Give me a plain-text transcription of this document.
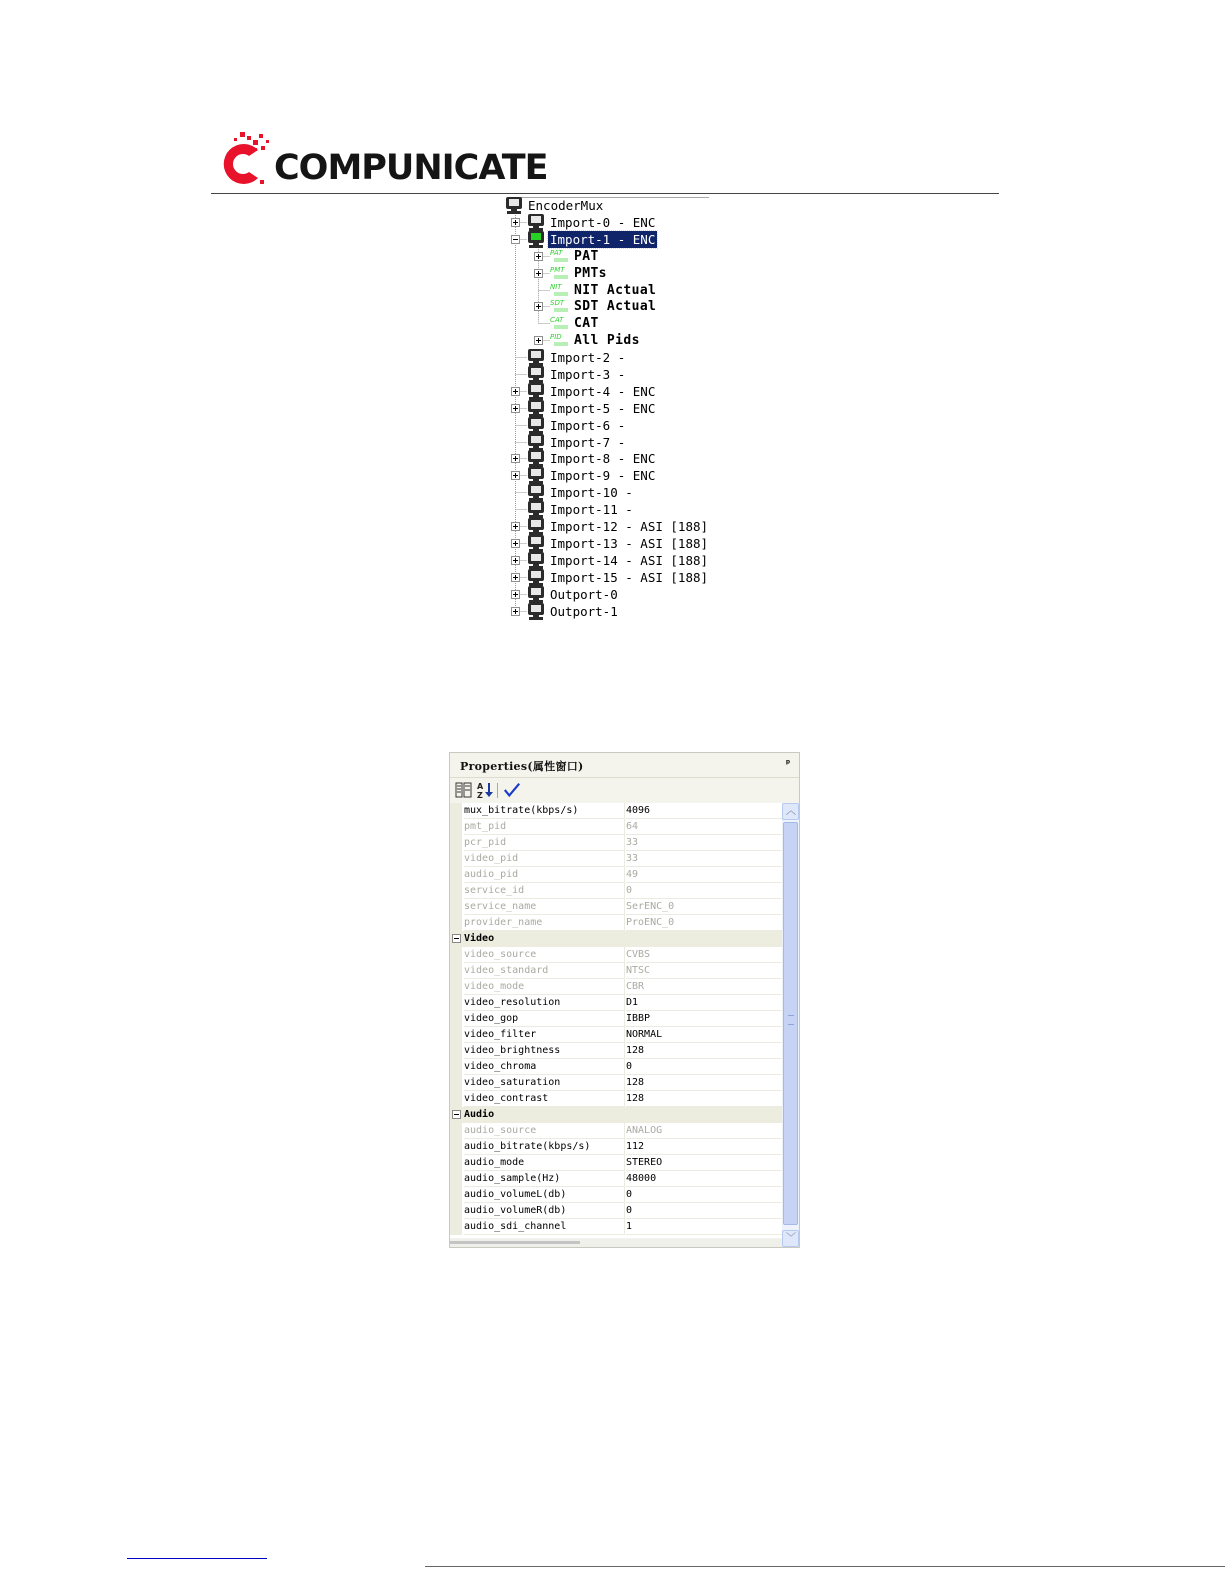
COMPUNICATE

EncoderMux
Import-0 - ENC
Import-1 - ENC
PAT PAT
PMT PMTs
NIT NIT Actual
SDT SDT Actual
CAT CAT
PID All Pids
Import-2 -
Import-3 -
Import-4 - ENC
Import-5 - ENC
Import-6 -
Import-7 -
Import-8 - ENC
Import-9 - ENC
Import-10 -
Import-11 -
Import-12 - ASI [188]
Import-13 - ASI [188]
Import-14 - ASI [188]
Import-15 - ASI [188]
Outport-0
Outport-1
Properties(属性窗口)	ᵖ
A
Z
mux_bitrate(kbps/s)	4096
pmt_pid	64
pcr_pid	33
video_pid	33
audio_pid	49
service_id	0
service_name	SerENC_0
provider_name	ProENC_0
Video
video_source	CVBS
video_standard	NTSC
video_mode	CBR
video_resolution	D1
video_gop	IBBP
video_filter	NORMAL
video_brightness	128
video_chroma	0
video_saturation	128
video_contrast	128
Audio
audio_source	ANALOG
audio_bitrate(kbps/s)	112
audio_mode	STEREO
audio_sample(Hz)	48000
audio_volumeL(db)	0
audio_volumeR(db)	0
audio_sdi_channel	1
︿
﹀
